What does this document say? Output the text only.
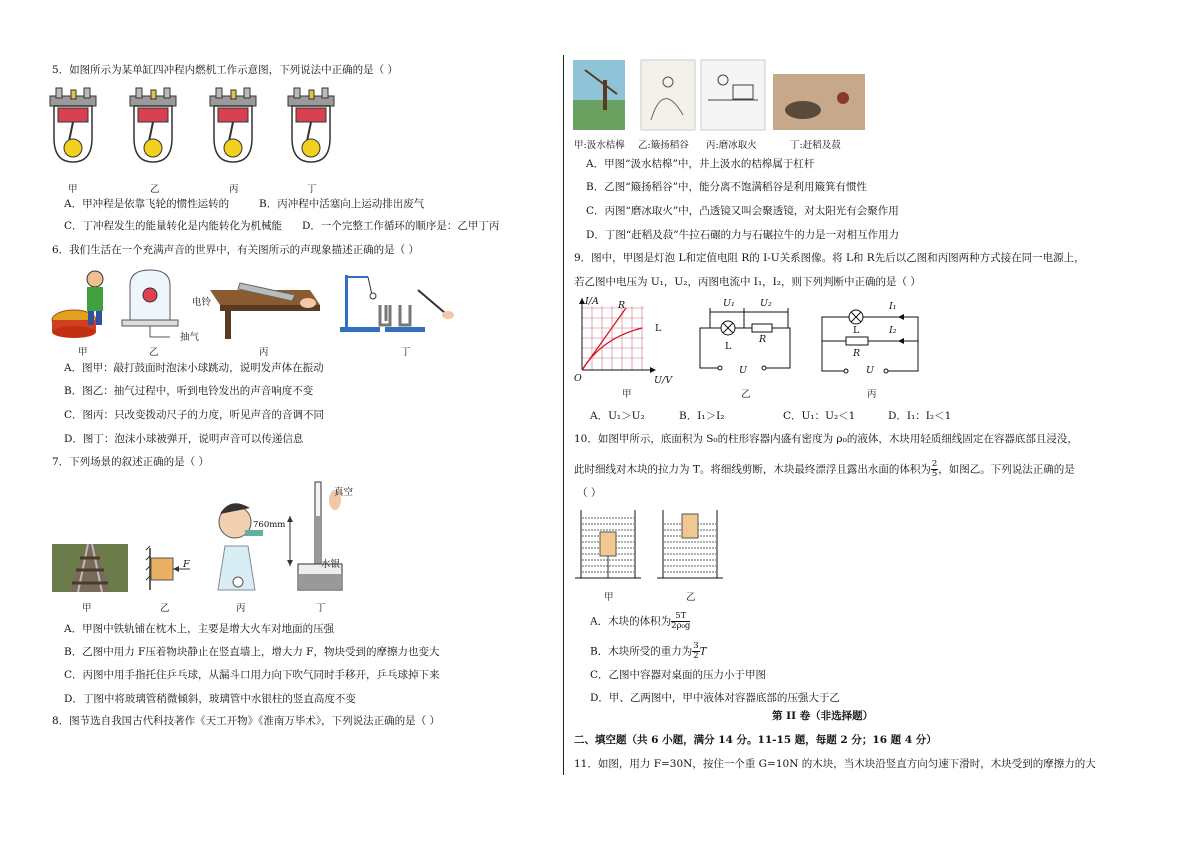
5．如图所示为某单缸四冲程内燃机工作示意图，下列说法中正确的是（ ）
甲	乙	丙	丁
A．甲冲程是依靠飞轮的惯性运转的	B．丙冲程中活塞向上运动排出废气
C．丁冲程发生的能量转化是内能转化为机械能 D．一个完整工作循环的顺序是：乙甲丁丙
6．我们生活在一个充满声音的世界中，有关图所示的声现象描述正确的是（ ）
电铃
抽气
甲	乙	丙	丁
A．图甲：敲打鼓面时泡沫小球跳动，说明发声体在振动
B．图乙：抽气过程中，听到电铃发出的声音响度不变
C．图丙：只改变拨动尺子的力度，听见声音的音调不同
D．图丁：泡沫小球被弹开，说明声音可以传递信息
7．下列场景的叙述正确的是（ ）
F
真空
760mm
水银
甲	乙	丙	丁
A．甲图中铁轨铺在枕木上，主要是增大火车对地面的压强
B．乙图中用力 F压着物块静止在竖直墙上，增大力 F，物块受到的摩擦力也变大
C．丙图中用手指托住乒乓球，从漏斗口用力向下吹气同时手移开，乒乓球掉下来
D．丁图中将玻璃管稍微倾斜，玻璃管中水银柱的竖直高度不变
8．图节选自我国古代科技著作《天工开物》《淮南万毕术》，下列说法正确的是（ ）
甲:汲水桔槔 乙:簸扬稻谷 丙:磨冰取火	丁:赶稻及菽
A．甲图“汲水桔槔”中，井上汲水的桔槔属于杠杆
B．乙图“簸扬稻谷”中，能分离不饱满稻谷是利用簸箕有惯性
C．丙图“磨冰取火”中，凸透镜又叫会聚透镜，对太阳光有会聚作用
D．丁图“赶稻及菽”牛拉石碾的力与石碾拉牛的力是一对相互作用力
9．图中，甲图是灯泡 L和定值电阻 R的 I-U关系图像。将 L和 R先后以乙图和丙图两种方式接在同一电源上，
若乙图中电压为 U₁，U₂，丙图电流中 I₁，I₂，则下列判断中正确的是（ ）
I/A R
L
O	U/V
甲
U₁	U₂
L
R
U
乙
I₁
I₂
L
R
U
丙
A．U₁＞U₂	B．I₁＞I₂	C．U₁：U₂＜1	D．I₁：I₂＜1
10．如图甲所示，底面积为 S₀的柱形容器内盛有密度为 ρ₀的液体，木块用轻质细线固定在容器底部且浸没，
此时细线对木块的拉力为 T。将细线剪断，木块最终漂浮且露出水面的体积为 $\frac{2}{5}$ ，如图乙。下列说法正确的是
（ ）
甲	乙
A．木块的体积为 $\frac{5T}{\text{2ρ₀g}}$
B．木块所受的重力为 $\frac{3}{2}$ T
C．乙图中容器对桌面的压力小于甲图
D．甲、乙两图中，甲中液体对容器底部的压强大于乙
第 II 卷（非选择题）
二、填空题（共 6 小题，满分 14 分。11-15 题，每题 2 分；16 题 4 分）
11．如图，用力 F=30N，按住一个重 G=10N 的木块，当木块沿竖直方向匀速下滑时，木块受到的摩擦力的大
